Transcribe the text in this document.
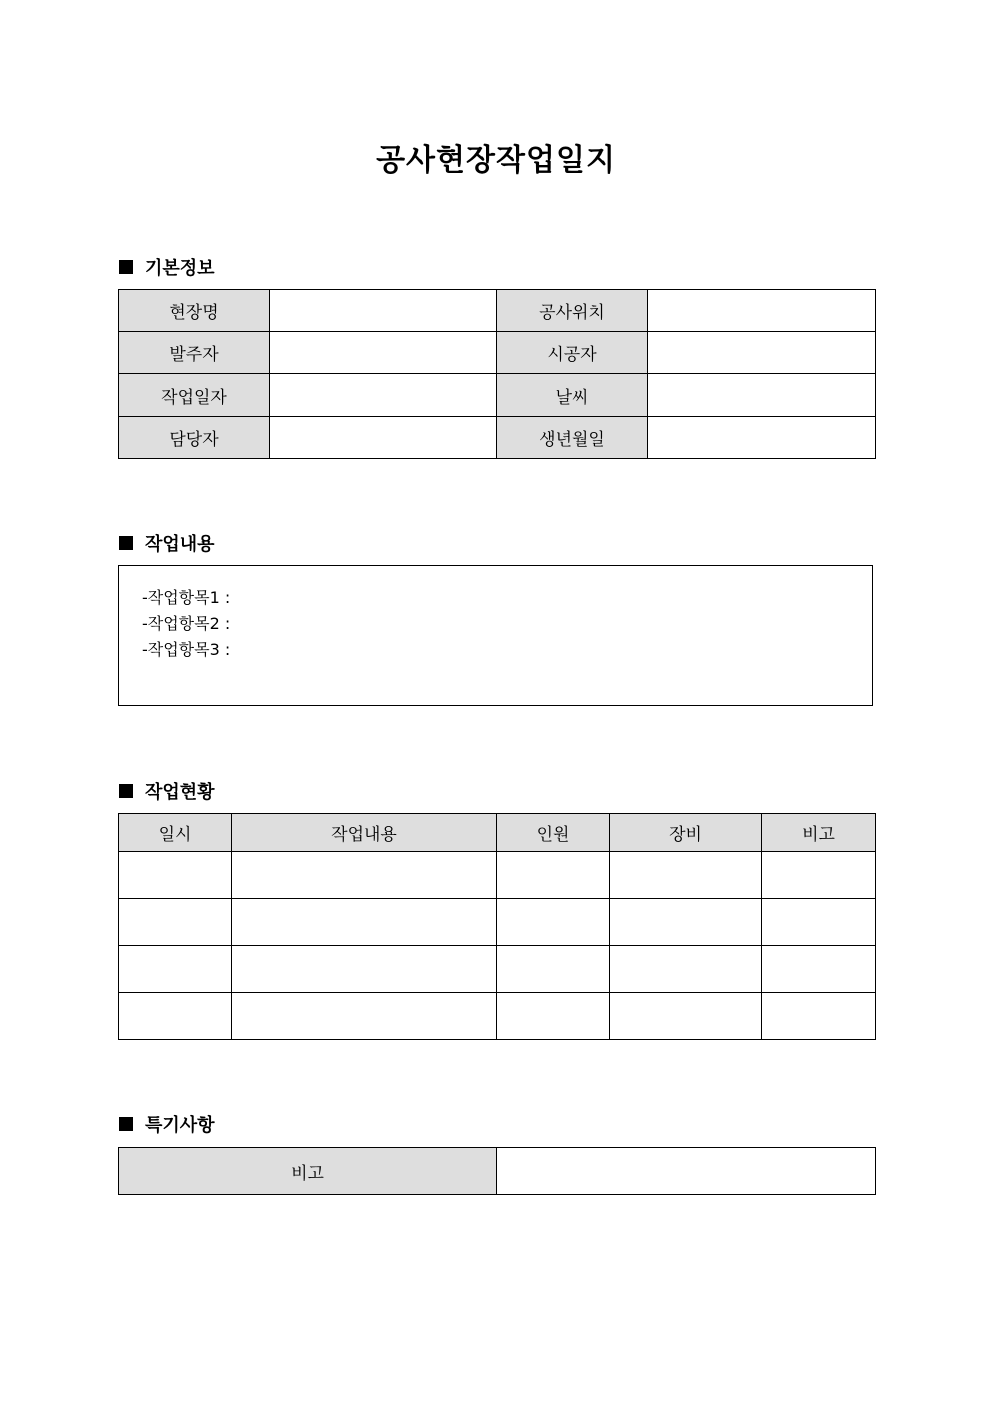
공사현장작업일지
기본정보
현장명		공사위치	
발주자		시공자	
작업일자		날씨	
담당자		생년월일	
작업내용
-작업항목1 :
-작업항목2 :
-작업항목3 :
작업현황
일시	작업내용	인원	장비	비고

특기사항
비고	
